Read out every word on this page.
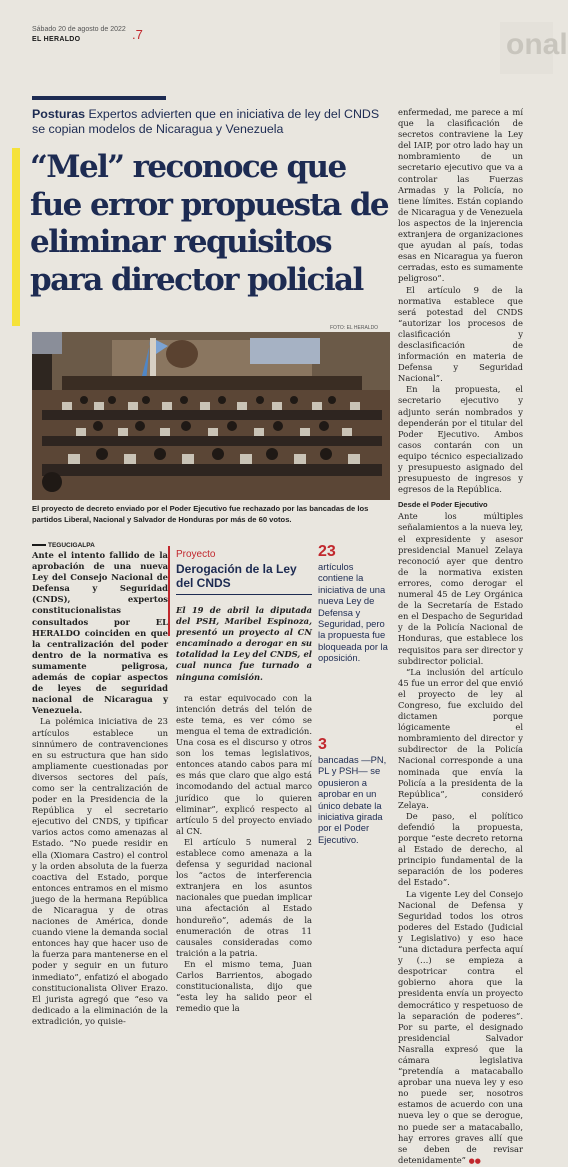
Sábado 20 de agosto de 2022
EL HERALDO	.7	onal
Posturas Expertos advierten que en iniciativa de ley del CNDS se copian modelos de Nicaragua y Venezuela
“Mel” reconoce que fue error propuesta de eliminar requisitos para director policial
FOTO: EL HERALDO
El proyecto de decreto enviado por el Poder Ejecutivo fue rechazado por las bancadas de los partidos Liberal, Nacional y Salvador de Honduras por más de 60 votos.
TEGUCIGALPA

Ante el intento fallido de la aprobación de una nueva Ley del Consejo Nacional de Defensa y Seguridad (CNDS), expertos constitucionalistas consultados por EL HERALDO coinciden en que la centralización del poder dentro de la normativa es sumamente peligrosa, además de copiar aspectos de leyes de seguridad nacional de Nicaragua y Venezuela.

La polémica iniciativa de 23 artículos establece un sinnúmero de contravenciones en su estructura que han sido ampliamente cuestionadas por diversos sectores del país, como ser la centralización de poder en la Presidencia de la República y el secretario ejecutivo del CNDS, y tipificar varios actos como amenazas al Estado. “No puede residir en ella (Xiomara Castro) el control y la orden absoluta de la fuerza coactiva del Estado, porque entonces entramos en el mismo juego de la hermana República de Nicaragua y de otras naciones de América, donde cuando viene la demanda social entonces hay que hacer uso de la fuerza para mantenerse en el poder y seguir en un futuro inmediato”, enfatizó el abogado constitucionalista Oliver Erazo. El jurista agregó que “eso va dedicado a la eliminación de la extradición, yo quisie-

Proyecto
Derogación de la Ley del CNDS

El 19 de abril la diputada del PSH, Maribel Espinoza, presentó un proyecto al CN encaminado a derogar en su totalidad la Ley del CNDS, el cual nunca fue turnado a ninguna comisión.

ra estar equivocado con la intención detrás del telón de este tema, es ver cómo se mengua el tema de extradición. Una cosa es el discurso y otros son los temas legislativos, entonces atando cabos para mí es más que claro que algo está incomodando del actual marco jurídico que lo quieren eliminar”, explicó respecto al artículo 5 del proyecto enviado al CN.

El artículo 5 numeral 2 establece como amenaza a la defensa y seguridad nacional los “actos de interferencia extranjera en los asuntos nacionales que puedan implicar una afectación al Estado hondureño”, además de la enumeración de otras 11 causales consideradas como traición a la patria.

En el mismo tema, Juan Carlos Barrientos, abogado constitucionalista, dijo que “esta ley ha salido peor el remedio que la

23
artículos contiene la iniciativa de una nueva Ley de Defensa y Seguridad, pero la propuesta fue bloqueada por la oposición.
3
bancadas —PN, PL y PSH— se opusieron a aprobar en un único debate la iniciativa girada por el Poder Ejecutivo.

enfermedad, me parece a mí que la clasificación de secretos contraviene la Ley del IAIP, por otro lado hay un nombramiento de un secretario ejecutivo que va a controlar las Fuerzas Armadas y la Policía, no tiene límites. Están copiando de Nicaragua y de Venezuela los aspectos de la injerencia extranjera de organizaciones que ayudan al país, todas esas en Nicaragua ya fueron cerradas, esto es sumamente peligroso”.

El artículo 9 de la normativa establece que será potestad del CNDS “autorizar los procesos de clasificación y desclasificación de información en materia de Defensa y Seguridad Nacional”.

En la propuesta, el secretario ejecutivo y adjunto serán nombrados y dependerán por el titular del Poder Ejecutivo. Ambos casos contarán con un equipo técnico especializado y presupuesto asignado del presupuesto de ingresos y egresos de la República.

Desde el Poder Ejecutivo

Ante los múltiples señalamientos a la nueva ley, el expresidente y asesor presidencial Manuel Zelaya reconoció ayer que dentro de la normativa existen errores, como derogar el numeral 45 de Ley Orgánica de la Secretaría de Estado en el Despacho de Seguridad y de la Policía Nacional de Honduras, que establece los requisitos para ser director y subdirector policial.

“La inclusión del artículo 45 fue un error del que envió el proyecto de ley al Congreso, fue excluido del dictamen porque lógicamente el nombramiento del director y subdirector de la Policía Nacional corresponde a una nominada que envía la Policía a la presidenta de la República”, consideró Zelaya.

De paso, el político defendió la propuesta, porque “este decreto retorna al Estado de derecho, al principio fundamental de la separación de los poderes del Estado”.

La vigente Ley del Consejo Nacional de Defensa y Seguridad todos los otros poderes del Estado (Judicial y Legislativo) y eso hace “una dictadura perfecta aquí y (…) se empieza a despotricar contra el gobierno ahora que la presidenta envía un proyecto democrático y respetuoso de la separación de poderes”. Por su parte, el designado presidencial Salvador Nasralla expresó que la cámara legislativa “pretendía a matacaballo aprobar una nueva ley y eso no puede ser, nosotros estamos de acuerdo con una nueva ley o que se derogue, no puede ser a matacaballo, hay errores graves allí que se deben de revisar detenidamente” ●●
